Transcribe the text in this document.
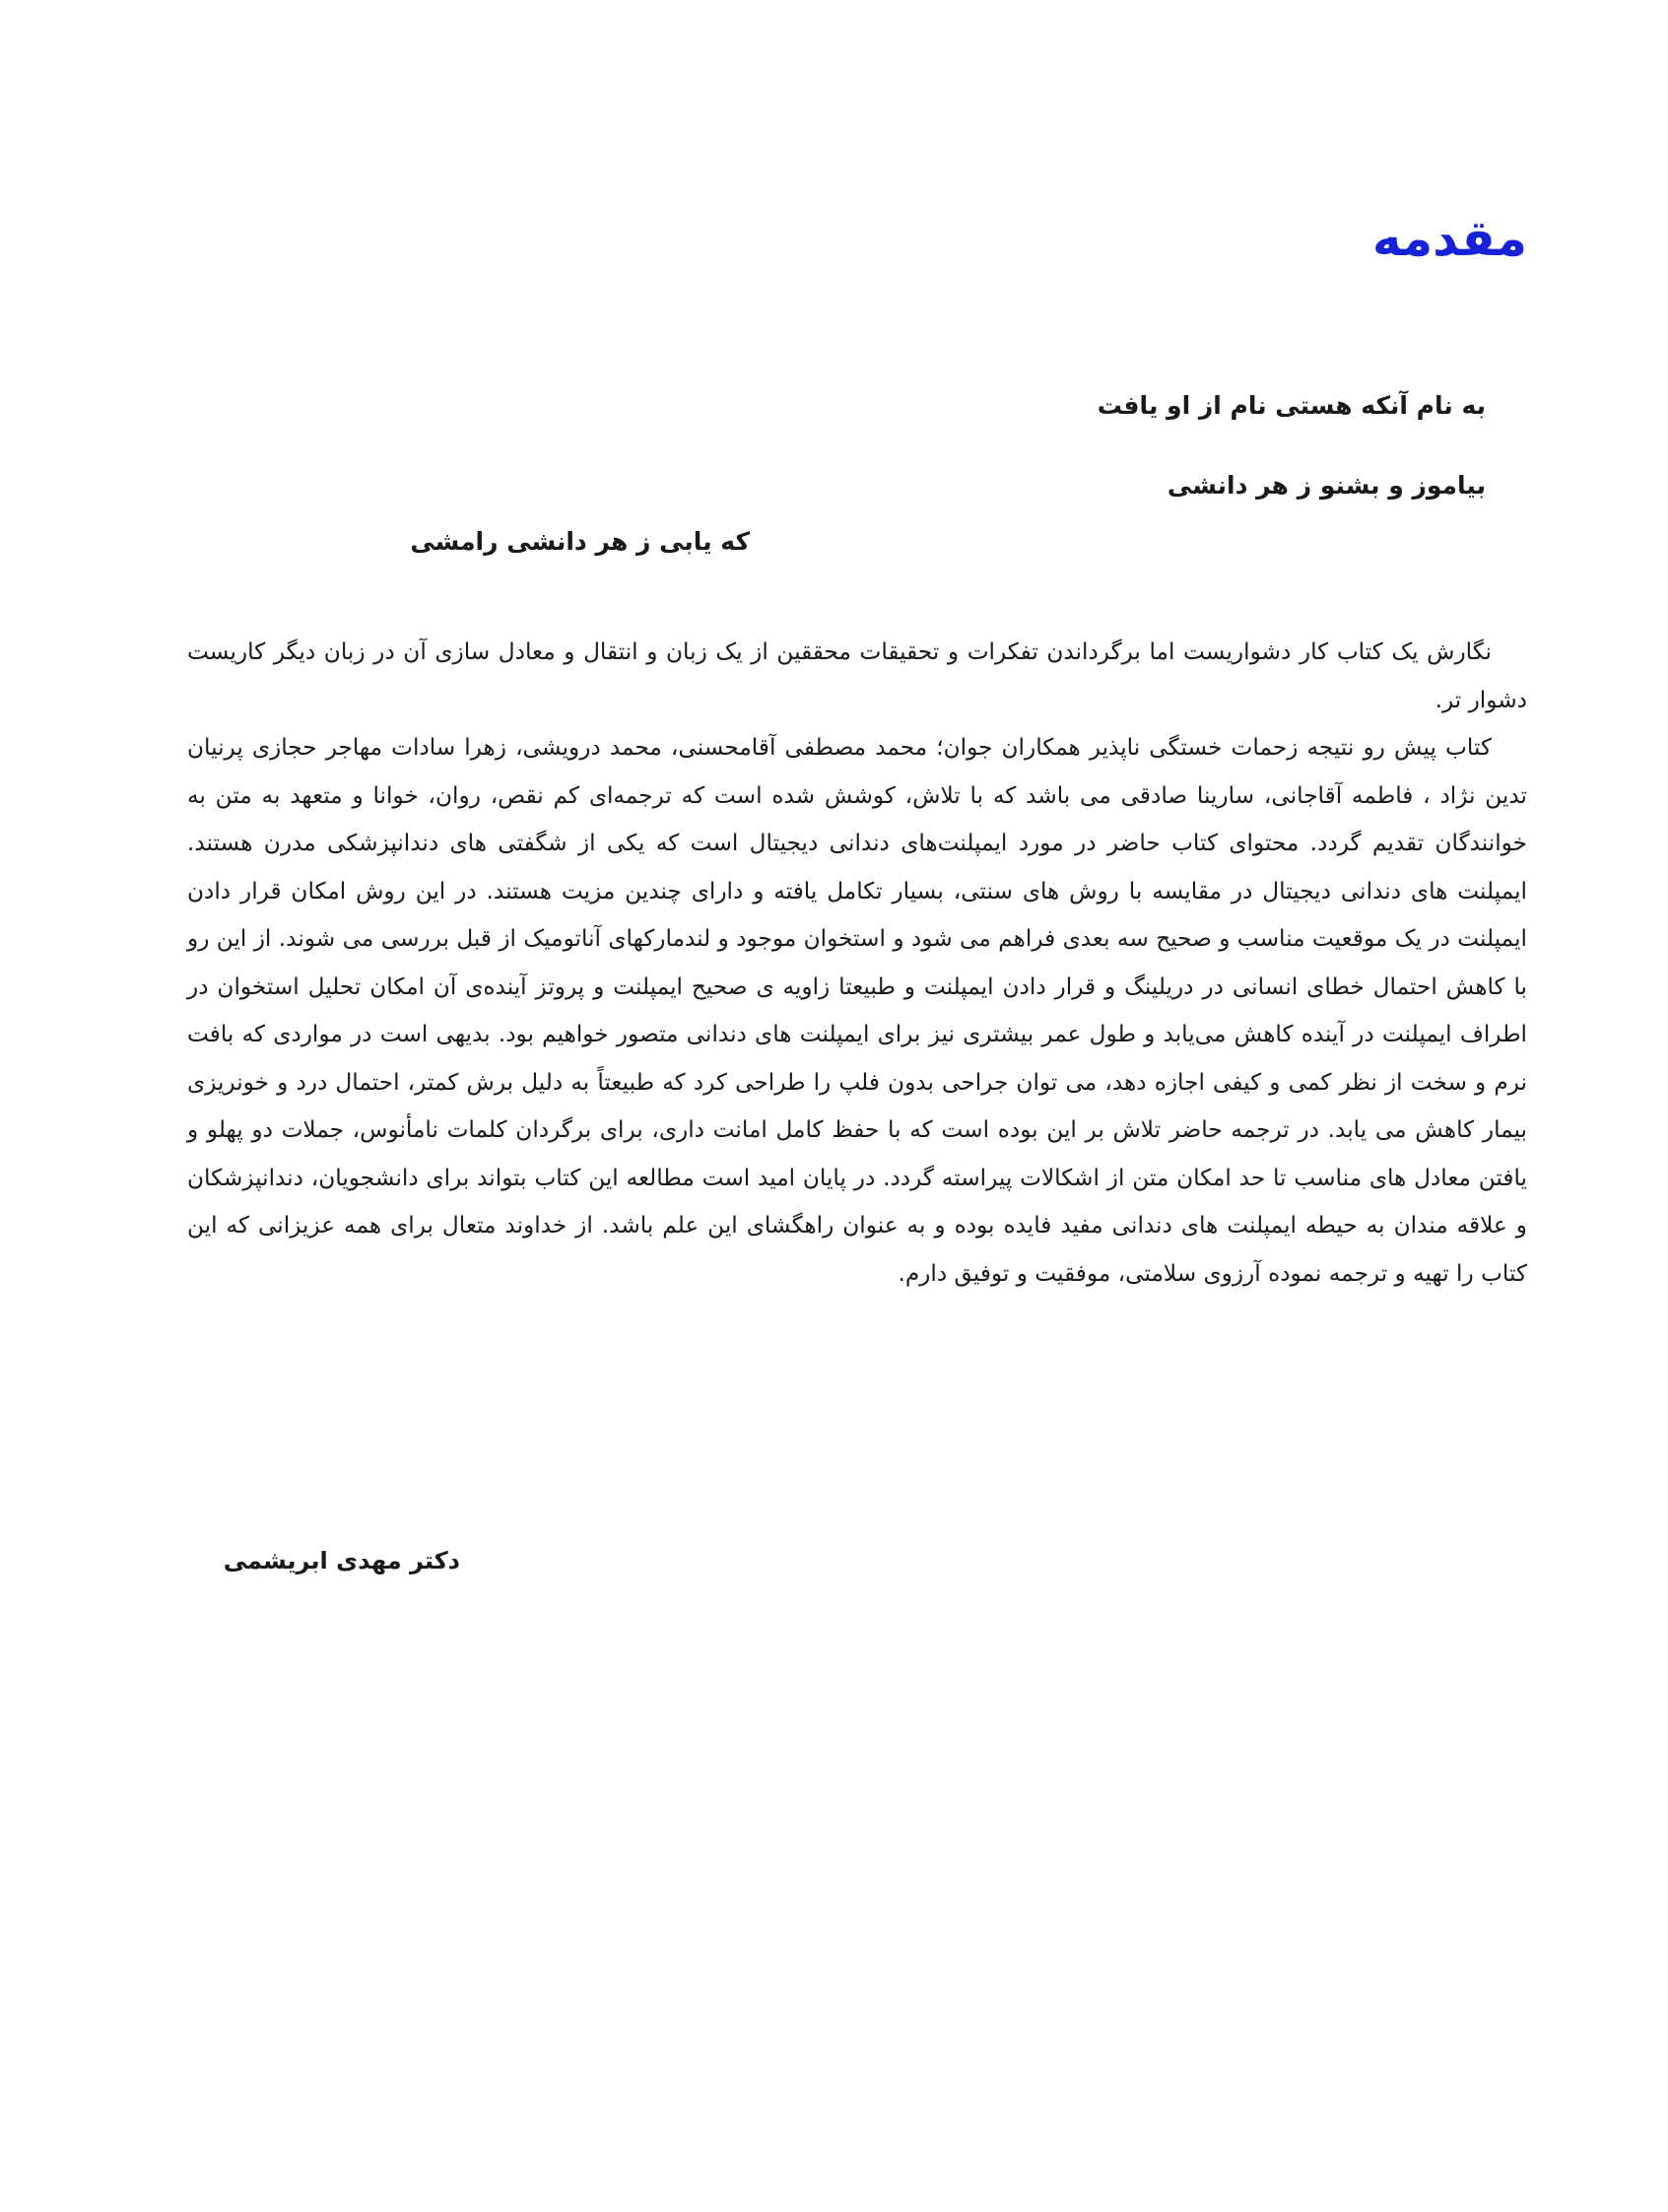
مقدمه

به نام آنکه هستی نام از او یافت

بیاموز و بشنو ز هر دانشی

که یابی ز هر دانشی رامشی

نگارش یک کتاب کار دشواریست اما برگرداندن تفکرات و تحقیقات محققین از یک زبان و انتقال و معادل سازی آن در زبان دیگر کاریست دشوار تر.

کتاب پیش رو نتیجه زحمات خستگی ناپذیر همکاران جوان؛ محمد مصطفی آقامحسنی، محمد درویشی، زهرا سادات مهاجر حجازی پرنیان تدین نژاد ، فاطمه آقاجانی، سارینا صادقی می باشد که با تلاش، کوشش شده است که ترجمه‌ای کم نقص، روان، خوانا و متعهد به متن به خوانندگان تقدیم گردد. محتوای کتاب حاضر در مورد ایمپلنت‌های دندانی دیجیتال است که یکی از شگفتی های دندانپزشکی مدرن هستند. ایمپلنت های دندانی دیجیتال در مقایسه با روش های سنتی، بسیار تکامل یافته و دارای چندین مزیت هستند. در این روش امکان قرار دادن ایمپلنت در یک موقعیت مناسب و صحیح سه بعدی فراهم می شود و استخوان موجود و لندمارکهای آناتومیک از قبل بررسی می شوند. از این رو با کاهش احتمال خطای انسانی در دریلینگ و قرار دادن ایمپلنت و طبیعتا زاویه ی صحیح ایمپلنت و پروتز آینده‌ی آن امکان تحلیل استخوان در اطراف ایمپلنت در آینده کاهش می‌یابد و طول عمر بیشتری نیز برای ایمپلنت های دندانی متصور خواهیم بود. بدیهی است در مواردی که بافت نرم و سخت از نظر کمی و کیفی اجازه دهد، می توان جراحی بدون فلپ را طراحی کرد که طبیعتاً به دلیل برش کمتر، احتمال درد و خونریزی بیمار کاهش می یابد. در ترجمه حاضر تلاش بر این بوده است که با حفظ کامل امانت داری، برای برگردان کلمات نامأنوس، جملات دو پهلو و یافتن معادل های مناسب تا حد امکان متن از اشکالات پیراسته گردد. در پایان امید است مطالعه این کتاب بتواند برای دانشجویان، دندانپزشکان و علاقه مندان به حیطه ایمپلنت های دندانی مفید فایده بوده و به عنوان راهگشای این علم باشد. از خداوند متعال برای همه عزیزانی که این کتاب را تهیه و ترجمه نموده آرزوی سلامتی، موفقیت و توفیق دارم.

دکتر مهدی ابریشمی
